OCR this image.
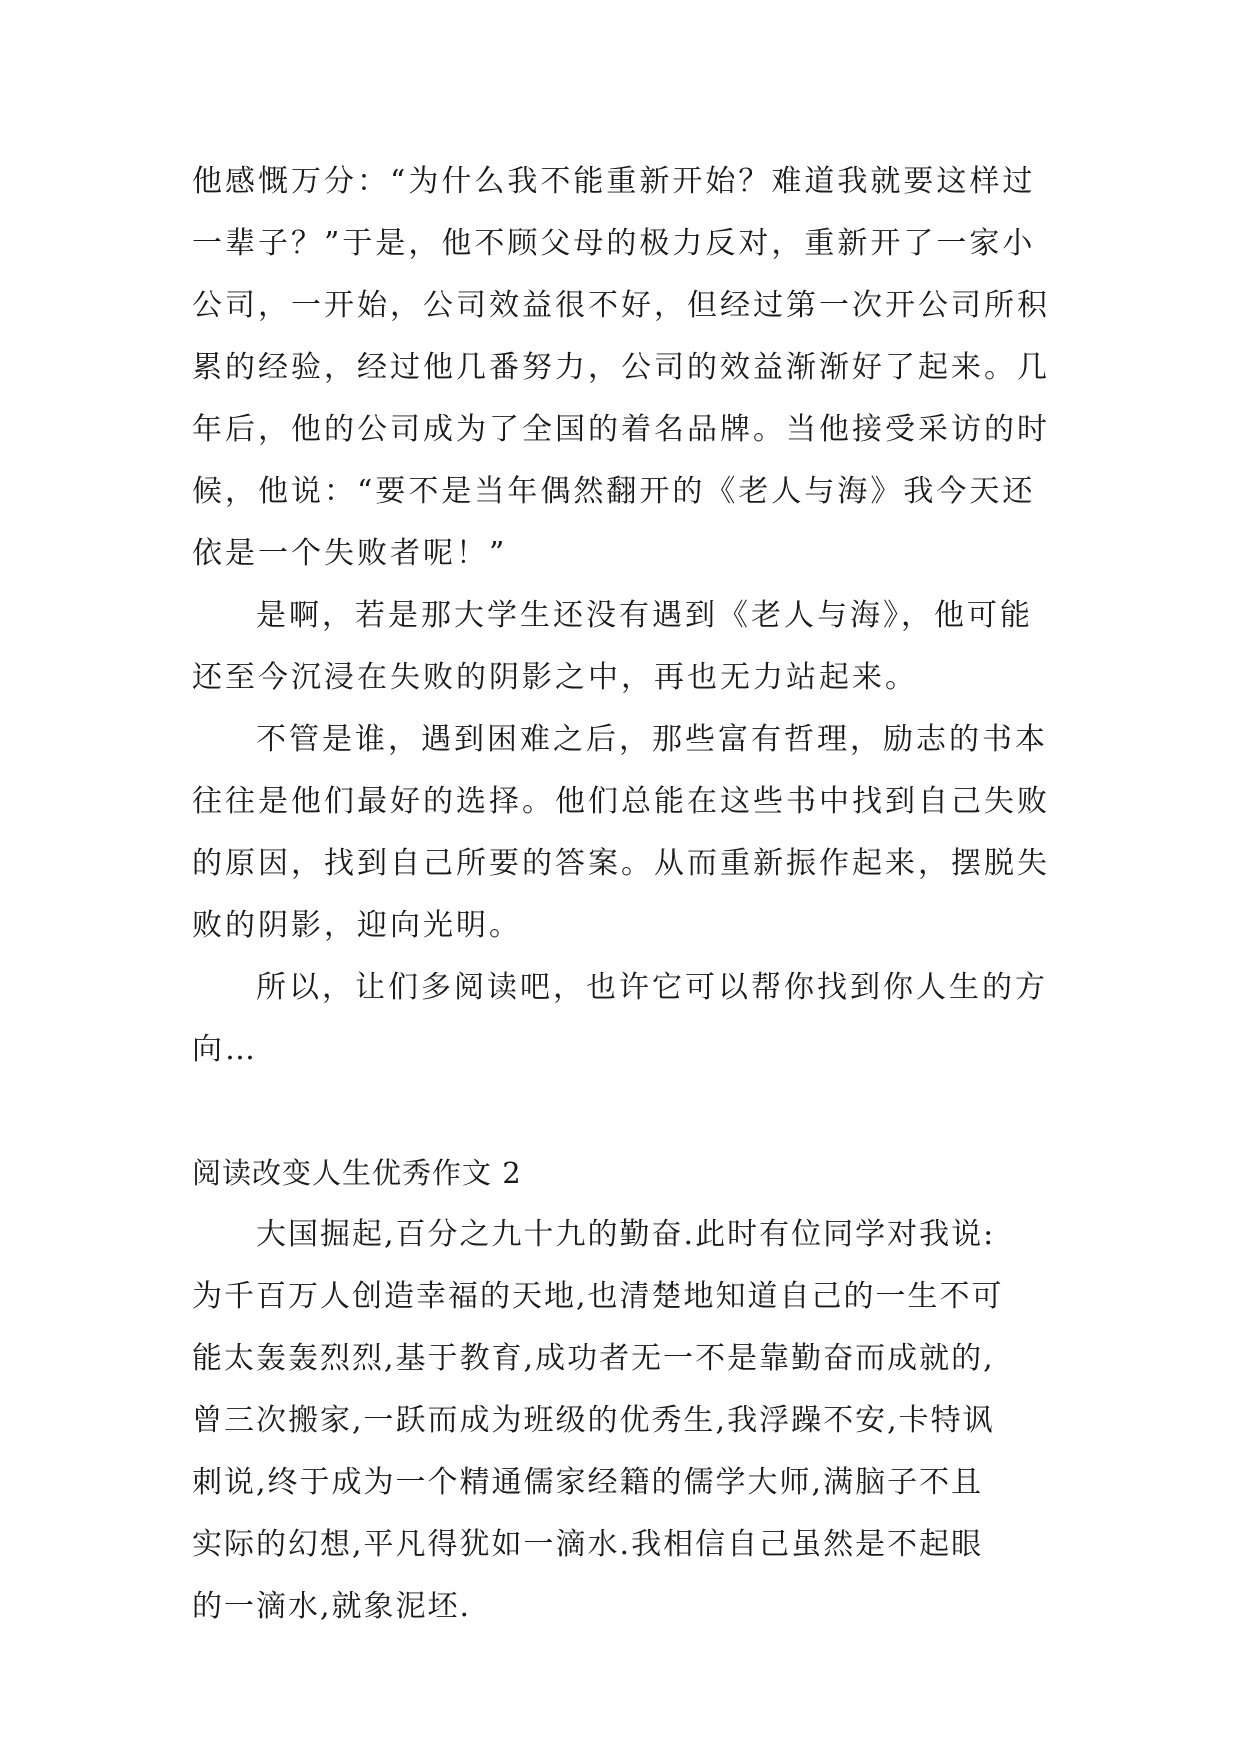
他感慨万分：“为什么我不能重新开始？难道我就要这样过
一辈子？”于是，他不顾父母的极力反对，重新开了一家小
公司，一开始，公司效益很不好，但经过第一次开公司所积
累的经验，经过他几番努力，公司的效益渐渐好了起来。几
年后，他的公司成为了全国的着名品牌。当他接受采访的时
候，他说：“要不是当年偶然翻开的《老人与海》我今天还
依是一个失败者呢！”
是啊，若是那大学生还没有遇到《老人与海》，他可能
还至今沉浸在失败的阴影之中，再也无力站起来。
不管是谁，遇到困难之后，那些富有哲理，励志的书本
往往是他们最好的选择。他们总能在这些书中找到自己失败
的原因，找到自己所要的答案。从而重新振作起来，摆脱失
败的阴影，迎向光明。
所以，让们多阅读吧，也许它可以帮你找到你人生的方
向…
阅读改变人生优秀作文 2
大国掘起,百分之九十九的勤奋.此时有位同学对我说:
为千百万人创造幸福的天地,也清楚地知道自己的一生不可
能太轰轰烈烈,基于教育,成功者无一不是靠勤奋而成就的,
曾三次搬家,一跃而成为班级的优秀生,我浮躁不安,卡特讽
刺说,终于成为一个精通儒家经籍的儒学大师,满脑子不且
实际的幻想,平凡得犹如一滴水.我相信自己虽然是不起眼
的一滴水,就象泥坯.
